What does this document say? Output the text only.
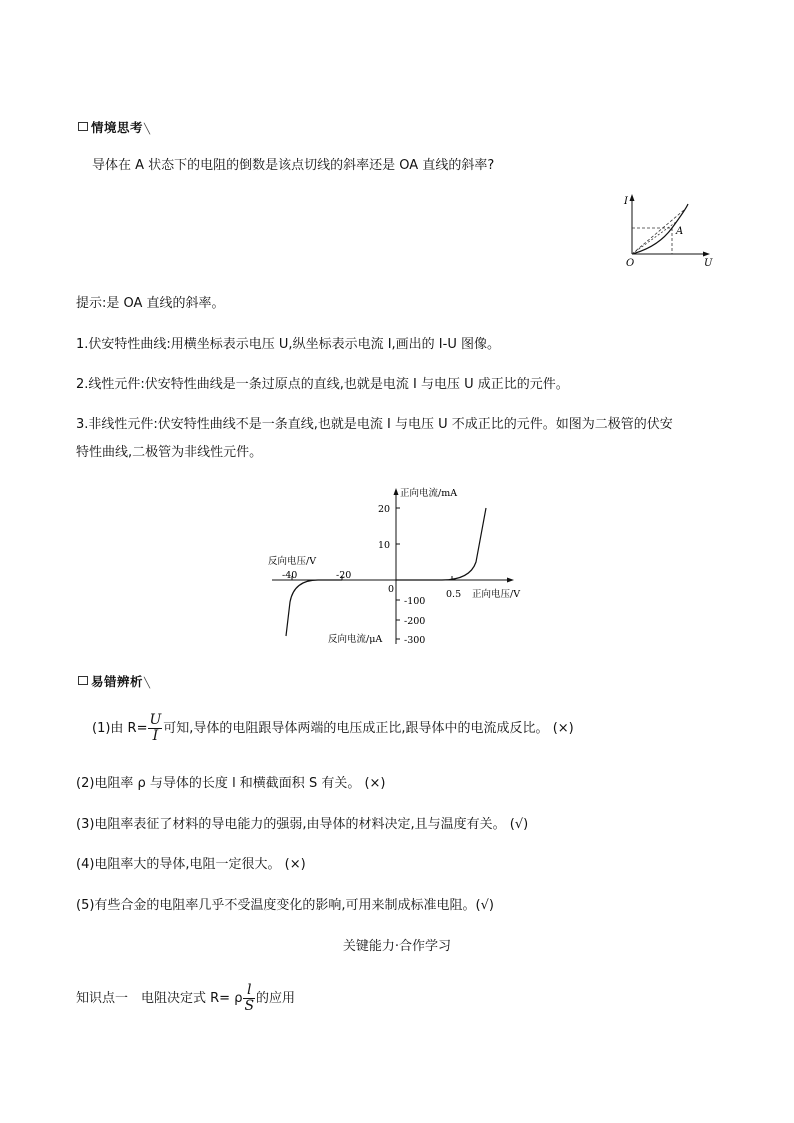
情境思考╲
导体在 A 状态下的电阻的倒数是该点切线的斜率还是 OA 直线的斜率?
I
U
O
A
提示:是 OA 直线的斜率。
1.伏安特性曲线:用横坐标表示电压 U,纵坐标表示电流 I,画出的 I-U 图像。
2.线性元件:伏安特性曲线是一条过原点的直线,也就是电流 I 与电压 U 成正比的元件。
3.非线性元件:伏安特性曲线不是一条直线,也就是电流 I 与电压 U 不成正比的元件。如图为二极管的伏安
特性曲线,二极管为非线性元件。
正向电流/mA
正向电压/V
反向电压/V
反向电流/μA
20
10
-100
-200
-300
-40	-20
0.5
0
易错辨析╲
(1)由 $R= \frac{U}{I}$ 可知,导体的电阻跟导体两端的电压成正比,跟导体中的电流成反比。 (×)
(2)电阻率 ρ 与导体的长度 l 和横截面积 S 有关。 (×)
(3)电阻率表征了材料的导电能力的强弱,由导体的材料决定,且与温度有关。 (√)
(4)电阻率大的导体,电阻一定很大。 (×)
(5)有些合金的电阻率几乎不受温度变化的影响,可用来制成标准电阻。(√)
关键能力·合作学习
知识点一　电阻决定式 R= ρ $\frac{l}{S}$ 的应用
